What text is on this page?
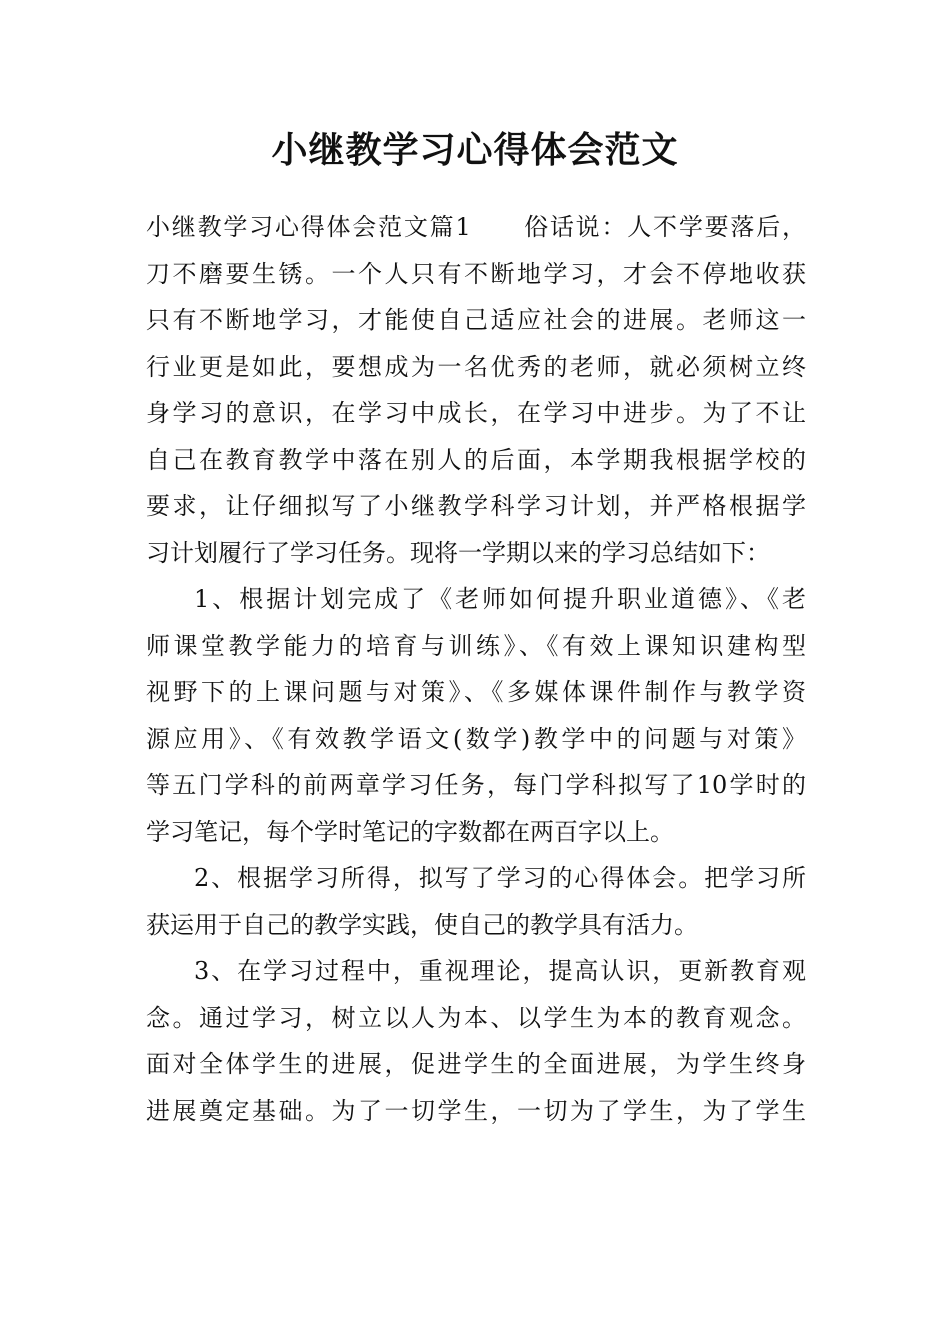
小继教学习心得体会范文
小继教学习心得体会范文篇1　　俗话说：人不学要落后，
刀不磨要生锈。一个人只有不断地学习，才会不停地收获
只有不断地学习，才能使自己适应社会的进展。老师这一
行业更是如此，要想成为一名优秀的老师，就必须树立终
身学习的意识，在学习中成长，在学习中进步。为了不让
自己在教育教学中落在别人的后面，本学期我根据学校的
要求，让仔细拟写了小继教学科学习计划，并严格根据学
习计划履行了学习任务。现将一学期以来的学习总结如下：
1、根据计划完成了《老师如何提升职业道德》、《老
师课堂教学能力的培育与训练》、《有效上课知识建构型
视野下的上课问题与对策》、《多媒体课件制作与教学资
源应用》、《有效教学语文(数学)教学中的问题与对策》
等五门学科的前两章学习任务，每门学科拟写了10学时的
学习笔记，每个学时笔记的字数都在两百字以上。
2、根据学习所得，拟写了学习的心得体会。把学习所
获运用于自己的教学实践，使自己的教学具有活力。
3、在学习过程中，重视理论，提高认识，更新教育观
念。通过学习，树立以人为本、以学生为本的教育观念。
面对全体学生的进展，促进学生的全面进展，为学生终身
进展奠定基础。为了一切学生，一切为了学生，为了学生
